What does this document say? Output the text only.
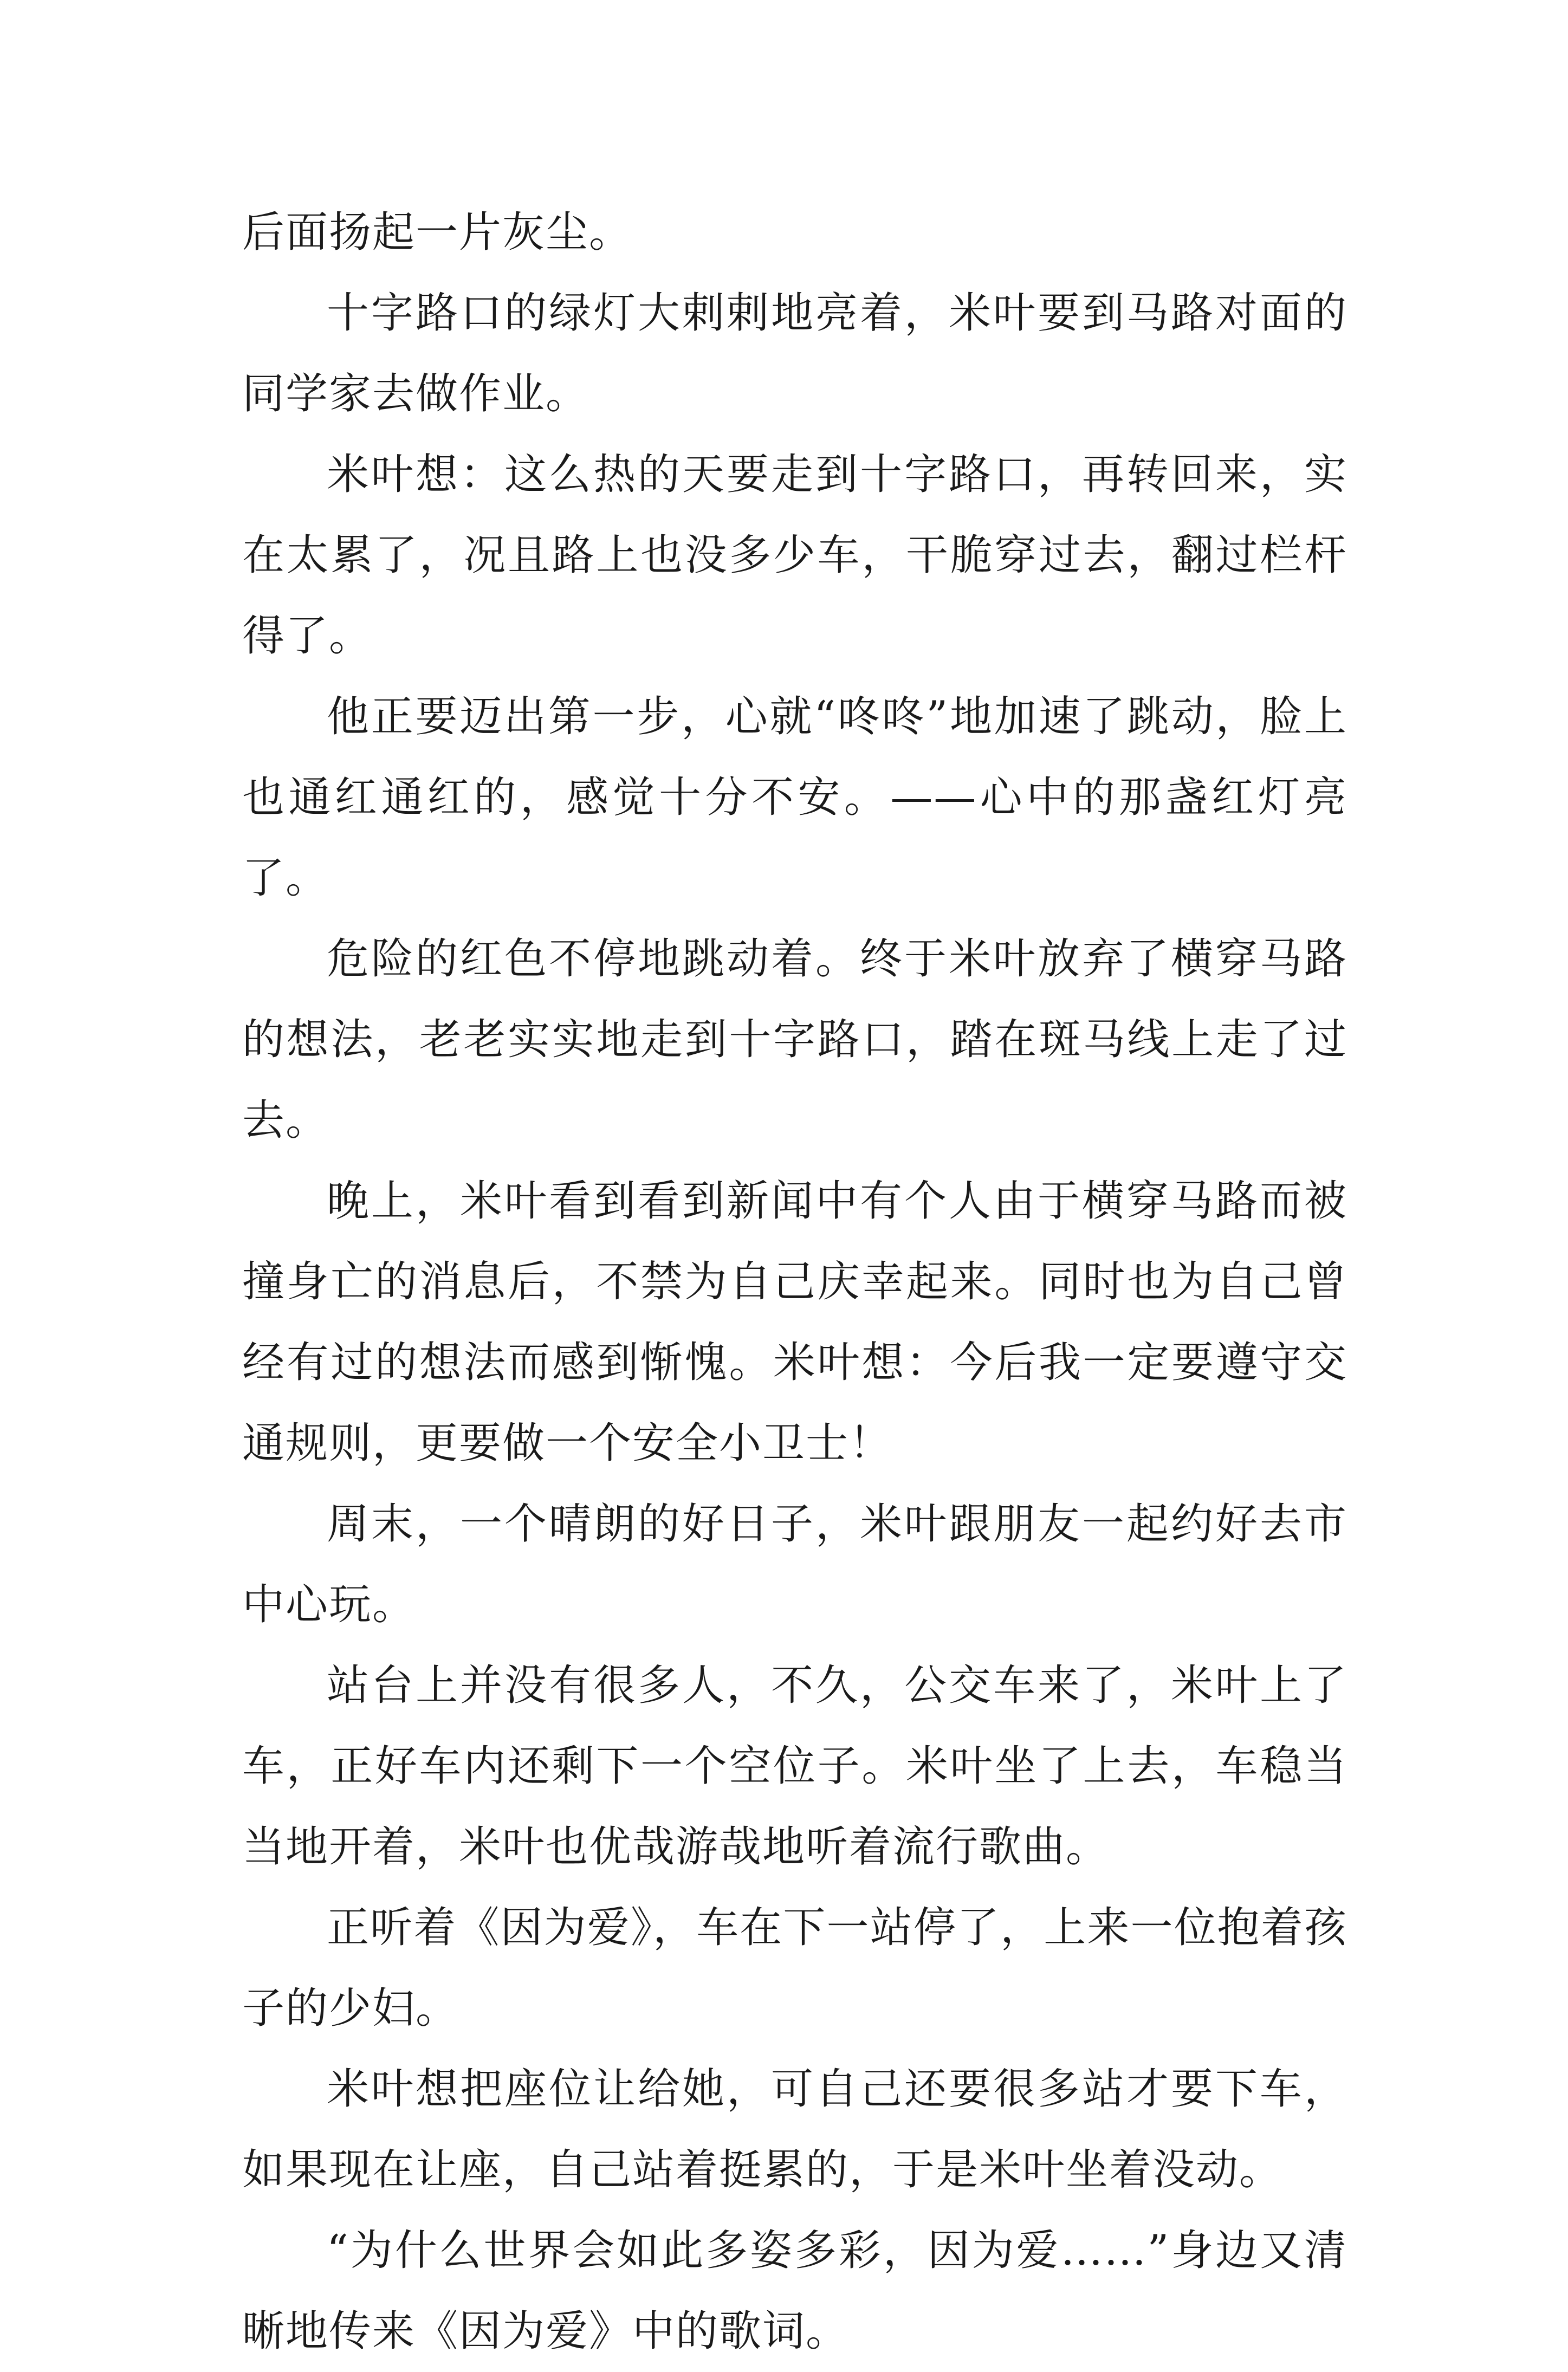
后面扬起一片灰尘。

十字路口的绿灯大剌剌地亮着，米叶要到马路对面的同学家去做作业。

米叶想：这么热的天要走到十字路口，再转回来，实在太累了，况且路上也没多少车，干脆穿过去，翻过栏杆得了。

他正要迈出第一步，心就“咚咚”地加速了跳动，脸上也通红通红的，感觉十分不安。——心中的那盏红灯亮了。

危险的红色不停地跳动着。终于米叶放弃了横穿马路的想法，老老实实地走到十字路口，踏在斑马线上走了过去。

晚上，米叶看到看到新闻中有个人由于横穿马路而被撞身亡的消息后，不禁为自己庆幸起来。同时也为自己曾经有过的想法而感到惭愧。米叶想：今后我一定要遵守交通规则，更要做一个安全小卫士！

周末，一个晴朗的好日子，米叶跟朋友一起约好去市中心玩。

站台上并没有很多人，不久，公交车来了，米叶上了车，正好车内还剩下一个空位子。米叶坐了上去，车稳当当地开着，米叶也优哉游哉地听着流行歌曲。

正听着《因为爱》，车在下一站停了，上来一位抱着孩子的少妇。

米叶想把座位让给她，可自己还要很多站才要下车，如果现在让座，自己站着挺累的，于是米叶坐着没动。

“为什么世界会如此多姿多彩，因为爱……”身边又清晰地传来《因为爱》中的歌词。
